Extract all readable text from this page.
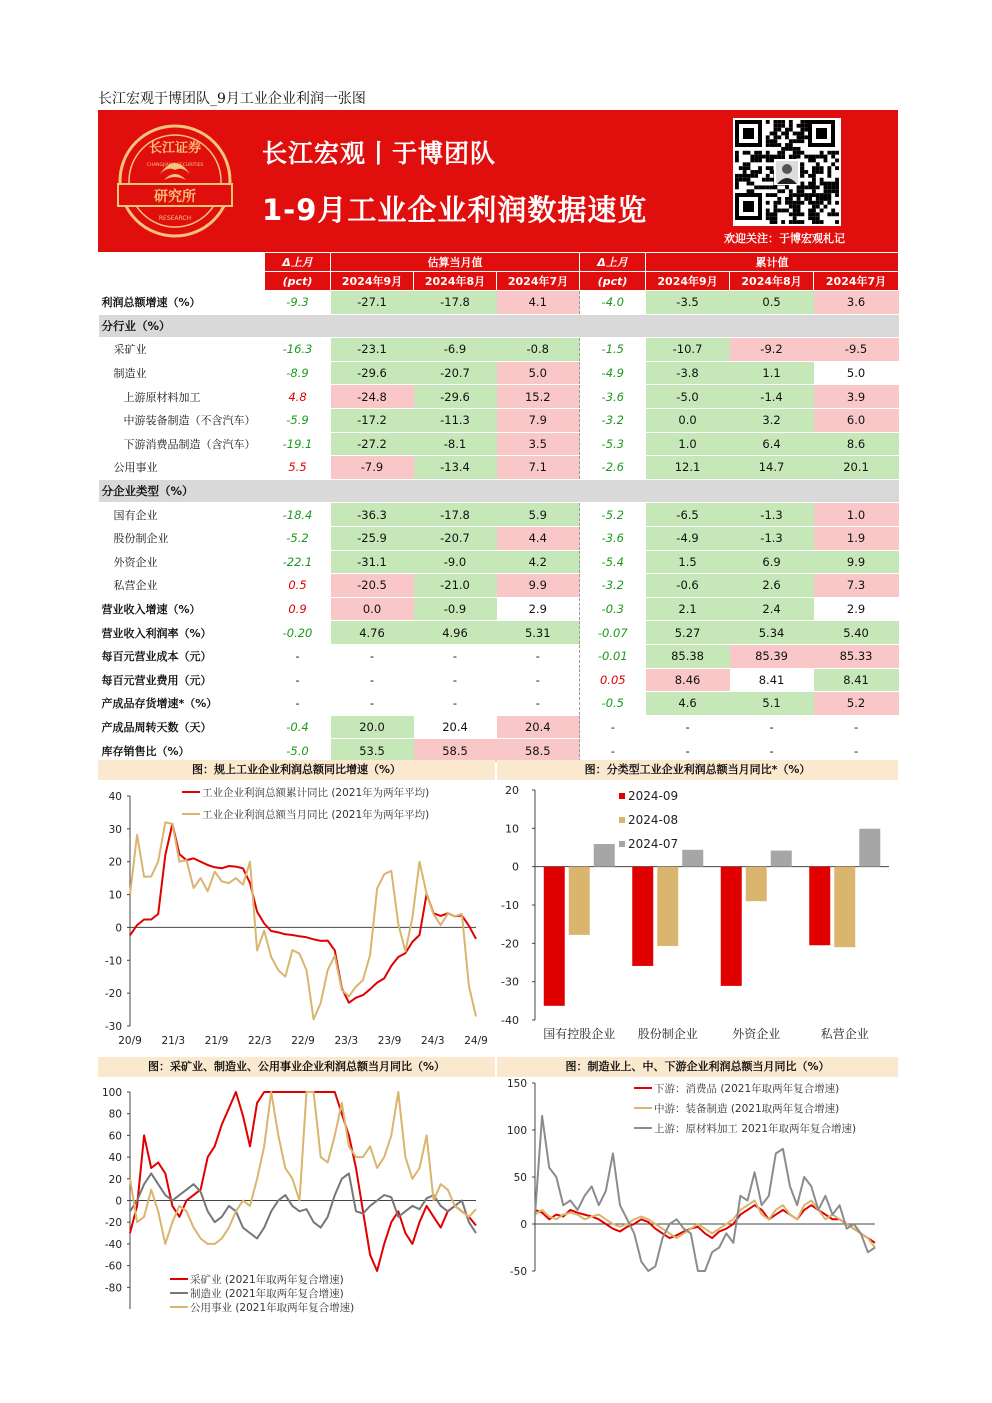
长江宏观于博团队_9月工业企业利润一张图
长江证券
研究所
RESEARCH
CHANGJIANG SECURITIES 长江宏观丨于博团队
1-9月工业企业利润数据速览
欢迎关注：于博宏观札记
	Δ上月	估算当月值			Δ上月	累计值		
	(pct)	2024年9月	2024年8月	2024年7月	(pct)	2024年9月	2024年8月	2024年7月
利润总额增速（%）	-9.3	-27.1	-17.8	4.1	-4.0	-3.5	0.5	3.6
分行业（%）								
采矿业	-16.3	-23.1	-6.9	-0.8	-1.5	-10.7	-9.2	-9.5
制造业	-8.9	-29.6	-20.7	5.0	-4.9	-3.8	1.1	5.0
上游原材料加工	4.8	-24.8	-29.6	15.2	-3.6	-5.0	-1.4	3.9
中游装备制造（不含汽车）	-5.9	-17.2	-11.3	7.9	-3.2	0.0	3.2	6.0
下游消费品制造（含汽车）	-19.1	-27.2	-8.1	3.5	-5.3	1.0	6.4	8.6
公用事业	5.5	-7.9	-13.4	7.1	-2.6	12.1	14.7	20.1
分企业类型（%）								
国有企业	-18.4	-36.3	-17.8	5.9	-5.2	-6.5	-1.3	1.0
股份制企业	-5.2	-25.9	-20.7	4.4	-3.6	-4.9	-1.3	1.9
外资企业	-22.1	-31.1	-9.0	4.2	-5.4	1.5	6.9	9.9
私营企业	0.5	-20.5	-21.0	9.9	-3.2	-0.6	2.6	7.3
营业收入增速（%）	0.9	0.0	-0.9	2.9	-0.3	2.1	2.4	2.9
营业收入利润率（%）	-0.20	4.76	4.96	5.31	-0.07	5.27	5.34	5.40
每百元营业成本（元）	-	-	-	-	-0.01	85.38	85.39	85.33
每百元营业费用（元）	-	-	-	-	0.05	8.46	8.41	8.41
产成品存货增速*（%）	-	-	-	-	-0.5	4.6	5.1	5.2
产成品周转天数（天）	-0.4	20.0	20.4	20.4	-	-	-	-
库存销售比（%）	-5.0	53.5	58.5	58.5	-	-	-	-
图：规上工业企业利润总额同比增速（%）	图：分类型工业企业利润总额当月同比*（%）
40
30
20
10
0
-10
-20
-30
20/9 21/3 21/9 22/3 22/9 23/3 23/9 24/3 24/9
工业企业利润总额累计同比 (2021年为两年平均)
工业企业利润总额当月同比 (2021年为两年平均)
20
10
0
-10
-20
-30
-40
国有控股企业 股份制企业	外资企业	私营企业
2024-09
2024-08
2024-07
图：采矿业、制造业、公用事业企业利润总额当月同比（%）	图：制造业上、中、下游企业利润总额当月同比（%）
100
80
60
40
20
0
-20
-40
-60
-80
采矿业 (2021年取两年复合增速)
制造业 (2021年取两年复合增速)
公用事业 (2021年取两年复合增速)
150
100
50
0
-50
下游：消费品 (2021年取两年复合增速)
中游：装备制造 (2021取两年复合增速)
上游：原材料加工 2021年取两年复合增速)
